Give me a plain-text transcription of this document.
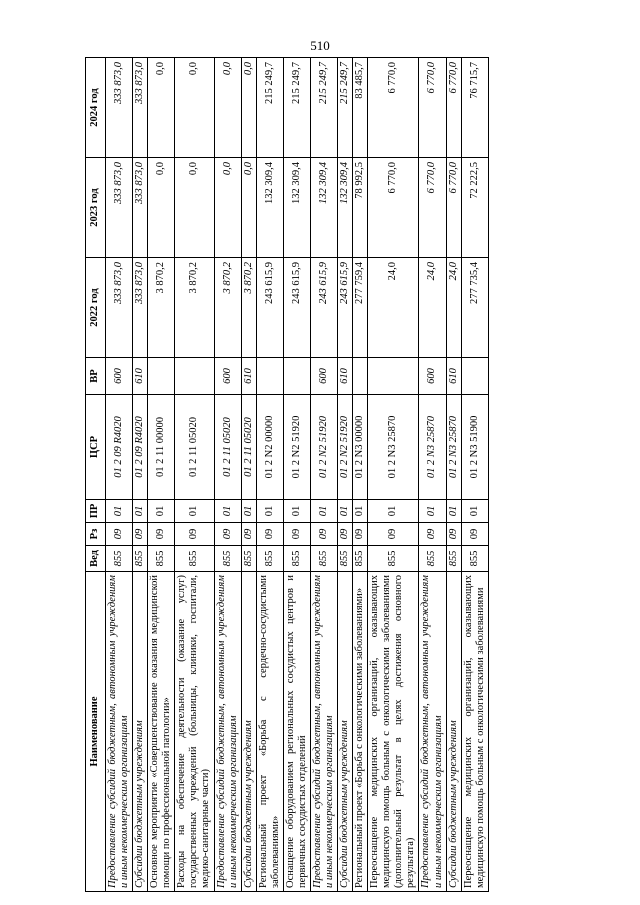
510
Наименование	Вед	Рз	ПР	ЦСР	ВР	2022 год	2023 год	2024 год
Предоставление субсидий бюджетным, автономным учреждениям и иным некоммерческим организациям	855	09	01	01 2 09 R4020	600	333 873,0	333 873,0	333 873,0
Субсидии бюджетным учреждениям	855	09	01	01 2 09 R4020	610	333 873,0	333 873,0	333 873,0
Основное мероприятие «Совершенствование оказания медицинской помощи по профессиональной патологии»	855	09	01	01 2 11 00000		3 870,2	0,0	0,0
Расходы на обеспечение деятельности (оказание услуг) государственных учреждений (больницы, клиники, госпитали, медико-санитарные части)	855	09	01	01 2 11 05020		3 870,2	0,0	0,0
Предоставление субсидий бюджетным, автономным учреждениям и иным некоммерческим организациям	855	09	01	01 2 11 05020	600	3 870,2	0,0	0,0
Субсидии бюджетным учреждениям	855	09	01	01 2 11 05020	610	3 870,2	0,0	0,0
Региональный проект «Борьба с сердечно-сосудистыми заболеваниями»	855	09	01	01 2 N2 00000		243 615,9	132 309,4	215 249,7
Оснащение оборудованием региональных сосудистых центров и первичных сосудистых отделений	855	09	01	01 2 N2 51920		243 615,9	132 309,4	215 249,7
Предоставление субсидий бюджетным, автономным учреждениям и иным некоммерческим организациям	855	09	01	01 2 N2 51920	600	243 615,9	132 309,4	215 249,7
Субсидии бюджетным учреждениям	855	09	01	01 2 N2 51920	610	243 615,9	132 309,4	215 249,7
Региональный проект «Борьба с онкологическими заболеваниями»	855	09	01	01 2 N3 00000		277 759,4	78 992,5	83 485,7
Переоснащение медицинских организаций, оказывающих медицинскую помощь больным с онкологическими заболеваниями (дополнительный результат в целях достижения основного результата)	855	09	01	01 2 N3 25870		24,0	6 770,0	6 770,0
Предоставление субсидий бюджетным, автономным учреждениям и иным некоммерческим организациям	855	09	01	01 2 N3 25870	600	24,0	6 770,0	6 770,0
Субсидии бюджетным учреждениям	855	09	01	01 2 N3 25870	610	24,0	6 770,0	6 770,0
Переоснащение медицинских организаций, оказывающих медицинскую помощь больным с онкологическими заболеваниями	855	09	01	01 2 N3 51900		277 735,4	72 222,5	76 715,7
